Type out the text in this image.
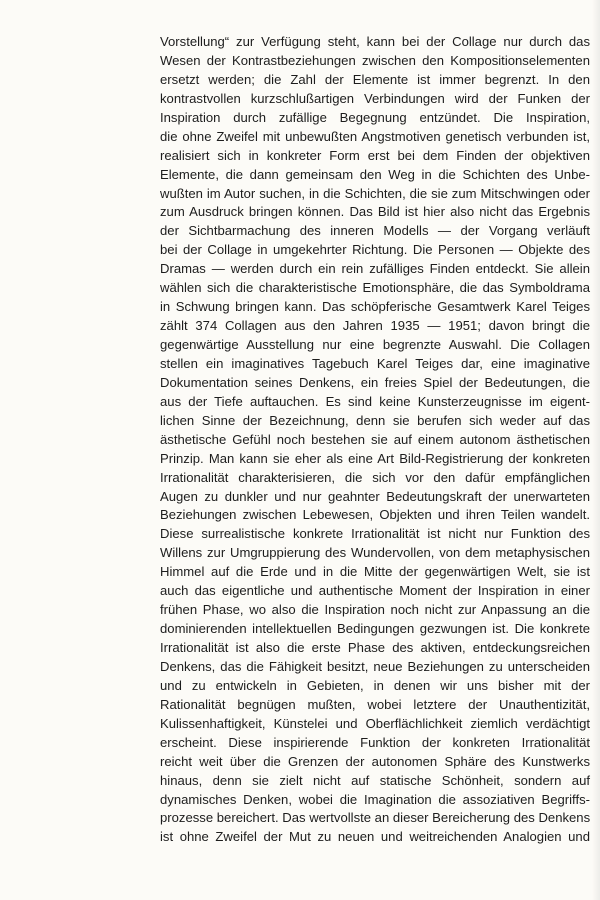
Vorstellung“ zur Verfügung steht, kann bei der Collage nur durch das
Wesen der Kontrastbeziehungen zwischen den Kompositionselementen
ersetzt werden; die Zahl der Elemente ist immer begrenzt. In den
kontrastvollen kurzschlußartigen Verbindungen wird der Funken der
Inspiration durch zufällige Begegnung entzündet. Die Inspiration,
die ohne Zweifel mit unbewußten Angstmotiven genetisch verbunden ist,
realisiert sich in konkreter Form erst bei dem Finden der objektiven
Elemente, die dann gemeinsam den Weg in die Schichten des Unbe-
wußten im Autor suchen, in die Schichten, die sie zum Mitschwingen oder
zum Ausdruck bringen können. Das Bild ist hier also nicht das Ergebnis
der Sichtbarmachung des inneren Modells — der Vorgang verläuft
bei der Collage in umgekehrter Richtung. Die Personen — Objekte des
Dramas — werden durch ein rein zufälliges Finden entdeckt. Sie allein
wählen sich die charakteristische Emotionsphäre, die das Symboldrama
in Schwung bringen kann. Das schöpferische Gesamtwerk Karel Teiges
zählt 374 Collagen aus den Jahren 1935 — 1951; davon bringt die
gegenwärtige Ausstellung nur eine begrenzte Auswahl. Die Collagen
stellen ein imaginatives Tagebuch Karel Teiges dar, eine imaginative
Dokumentation seines Denkens, ein freies Spiel der Bedeutungen, die
aus der Tiefe auftauchen. Es sind keine Kunsterzeugnisse im eigent-
lichen Sinne der Bezeichnung, denn sie berufen sich weder auf das
ästhetische Gefühl noch bestehen sie auf einem autonom ästhetischen
Prinzip. Man kann sie eher als eine Art Bild-Registrierung der konkreten
Irrationalität charakterisieren, die sich vor den dafür empfänglichen
Augen zu dunkler und nur geahnter Bedeutungskraft der unerwarteten
Beziehungen zwischen Lebewesen, Objekten und ihren Teilen wandelt.
Diese surrealistische konkrete Irrationalität ist nicht nur Funktion des
Willens zur Umgruppierung des Wundervollen, von dem metaphysischen
Himmel auf die Erde und in die Mitte der gegenwärtigen Welt, sie ist
auch das eigentliche und authentische Moment der Inspiration in einer
frühen Phase, wo also die Inspiration noch nicht zur Anpassung an die
dominierenden intellektuellen Bedingungen gezwungen ist. Die konkrete
Irrationalität ist also die erste Phase des aktiven, entdeckungsreichen
Denkens, das die Fähigkeit besitzt, neue Beziehungen zu unterscheiden
und zu entwickeln in Gebieten, in denen wir uns bisher mit der
Rationalität begnügen mußten, wobei letztere der Unauthentizität,
Kulissenhaftigkeit, Künstelei und Oberflächlichkeit ziemlich verdächtigt
erscheint. Diese inspirierende Funktion der konkreten Irrationalität
reicht weit über die Grenzen der autonomen Sphäre des Kunstwerks
hinaus, denn sie zielt nicht auf statische Schönheit, sondern auf
dynamisches Denken, wobei die Imagination die assoziativen Begriffs-
prozesse bereichert. Das wertvollste an dieser Bereicherung des Denkens
ist ohne Zweifel der Mut zu neuen und weitreichenden Analogien und
